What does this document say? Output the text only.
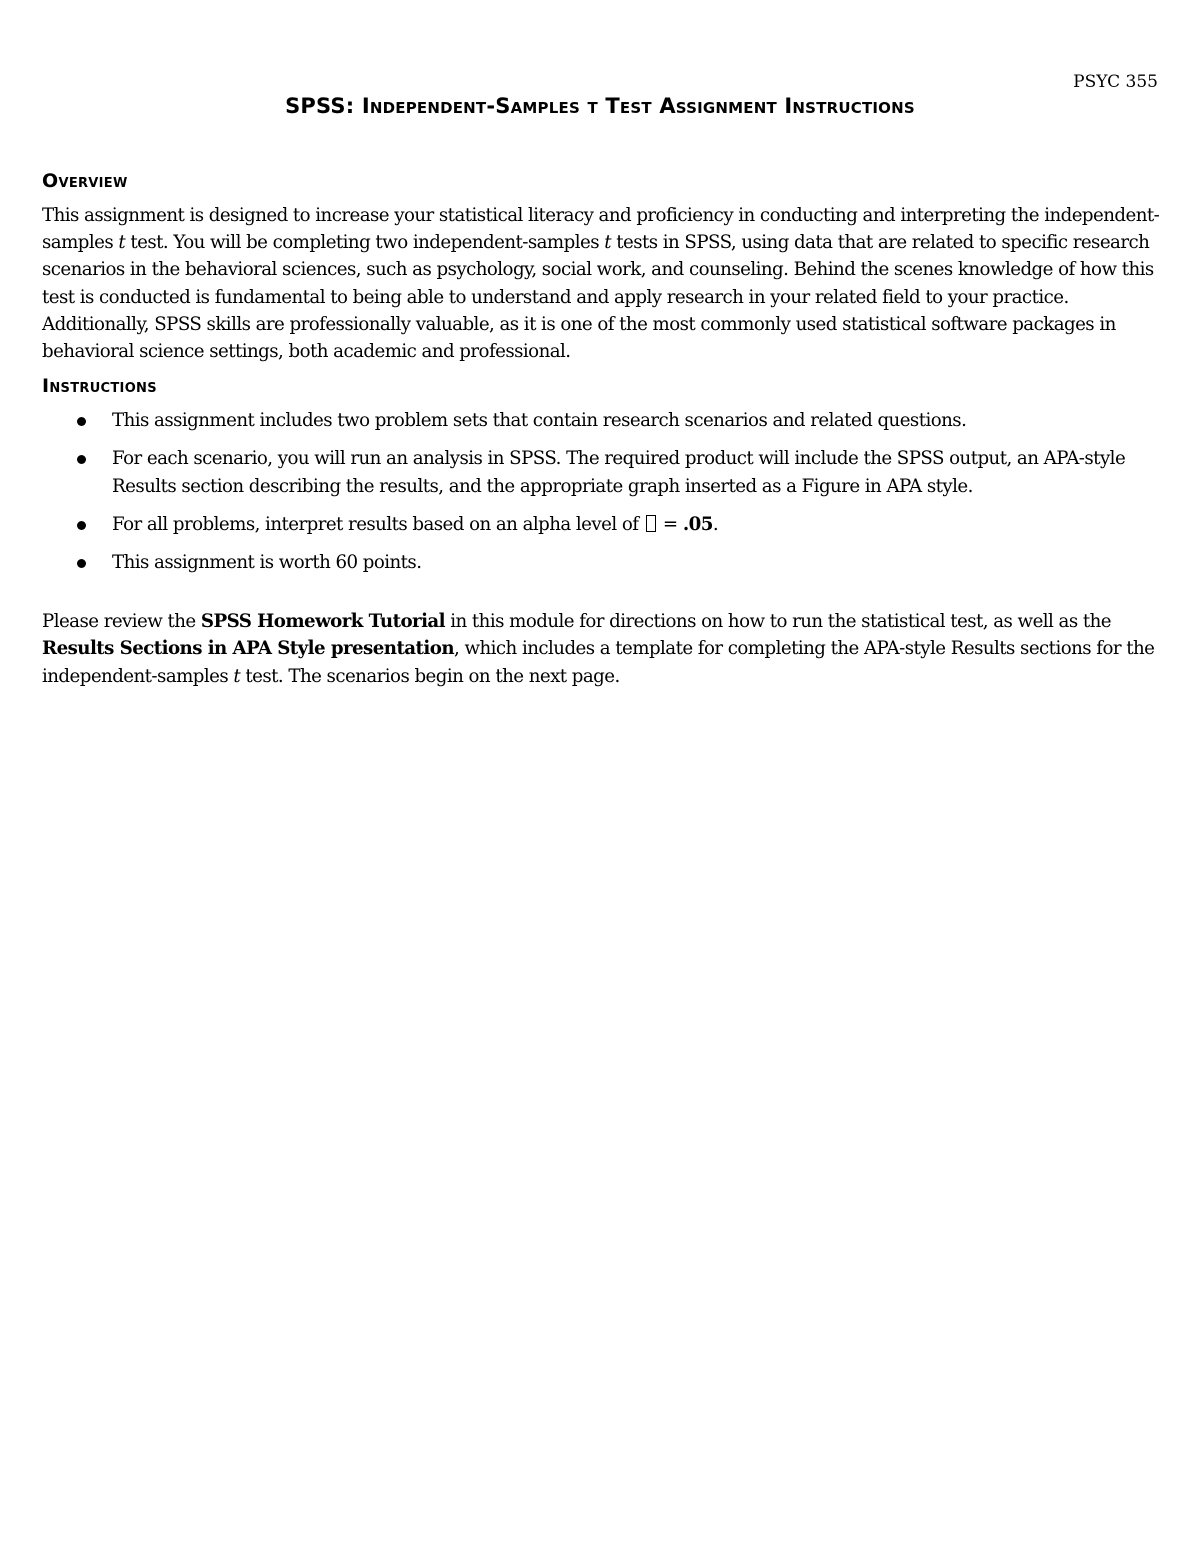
PSYC 355

SPSS: Independent-Samples t Test Assignment Instructions
Overview

This assignment is designed to increase your statistical literacy and proficiency in conducting and interpreting the independent-samples t test. You will be completing two independent-samples t tests in SPSS, using data that are related to specific research scenarios in the behavioral sciences, such as psychology, social work, and counseling. Behind the scenes knowledge of how this test is conducted is fundamental to being able to understand and apply research in your related field to your practice. Additionally, SPSS skills are professionally valuable, as it is one of the most commonly used statistical software packages in behavioral science settings, both academic and professional.

Instructions
This assignment includes two problem sets that contain research scenarios and related questions.
For each scenario, you will run an analysis in SPSS. The required product will include the SPSS output, an APA-style Results section describing the results, and the appropriate graph inserted as a Figure in APA style.
For all problems, interpret results based on an alpha level of  = .05.
This assignment is worth 60 points.

Please review the SPSS Homework Tutorial in this module for directions on how to run the statistical test, as well as the Results Sections in APA Style presentation, which includes a template for completing the APA-style Results sections for the independent-samples t test. The scenarios begin on the next page.
